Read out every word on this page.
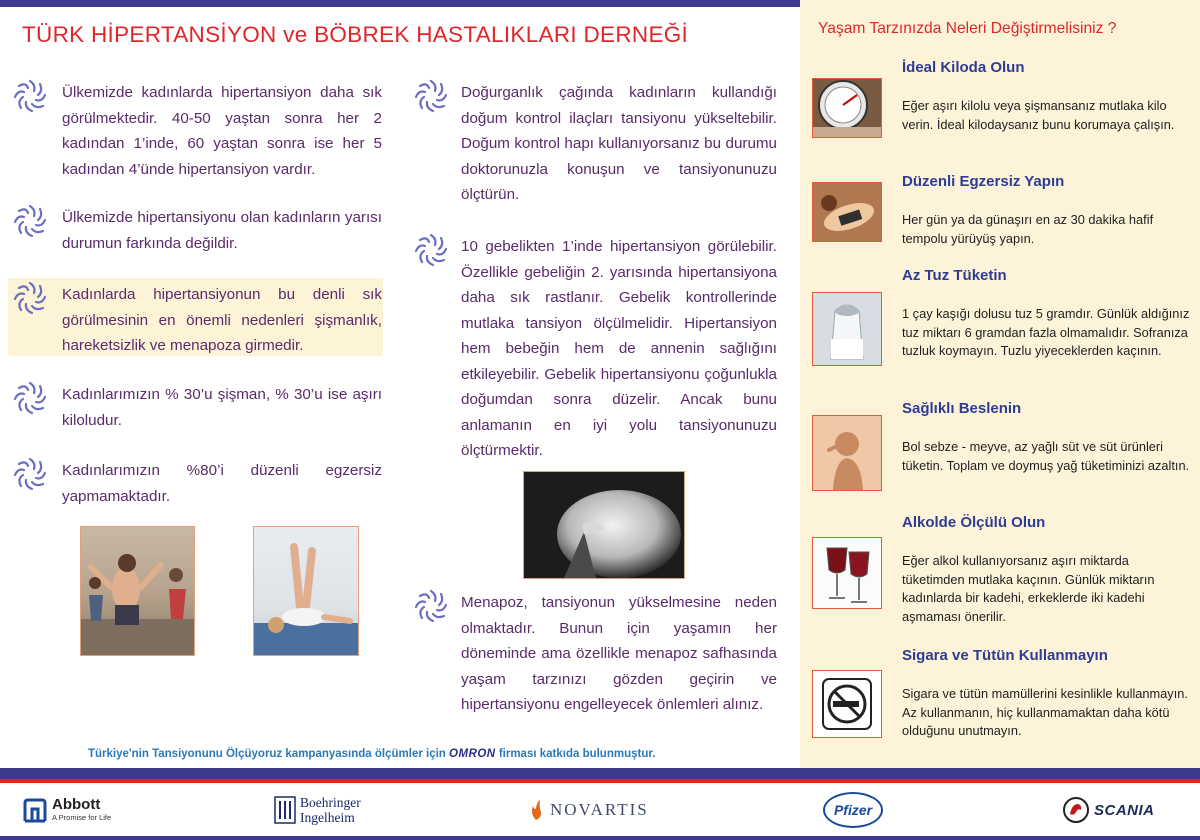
TÜRK HİPERTANSİYON ve BÖBREK HASTALIKLARI DERNEĞİ

Ülkemizde kadınlarda hipertansiyon daha sık görülmektedir. 40-50 yaştan sonra her 2 kadından 1’inde, 60 yaştan sonra ise her 5 kadından 4’ünde hipertansiyon vardır.

Ülkemizde hipertansiyonu olan kadınların yarısı durumun farkında değildir.

Kadınlarda hipertansiyonun bu denli sık görülmesinin en önemli nedenleri şişmanlık, hareketsizlik ve menapoza girmedir.

Kadınlarımızın % 30’u şişman, % 30’u ise aşırı kiloludur.

Kadınlarımızın %80’i düzenli egzersiz yapmamaktadır.

Doğurganlık çağında kadınların kullandığı doğum kontrol ilaçları tansiyonu yükseltebilir. Doğum kontrol hapı kullanıyorsanız bu durumu doktorunuzla konuşun ve tansiyonunuzu ölçtürün.

10 gebelikten 1’inde hipertansiyon görülebilir. Özellikle gebeliğin 2. yarısında hipertansiyona daha sık rastlanır. Gebelik kontrollerinde mutlaka tansiyon ölçülmelidir. Hipertansiyon hem bebeğin hem de annenin sağlığını etkileyebilir. Gebelik hipertansiyonu çoğunlukla doğumdan sonra düzelir. Ancak bunu anlamanın en iyi yolu tansiyonunuzu ölçtürmektir.

Menapoz, tansiyonun yükselmesine neden olmaktadır. Bunun için yaşamın her döneminde ama özellikle menapoz safhasında yaşam tarzınızı gözden geçirin ve hipertansiyonu engelleyecek önlemleri alınız.

Türkiye'nin Tansiyonunu Ölçüyoruz kampanyasında ölçümler için OMRON firması katkıda bulunmuştur.
Yaşam Tarzınızda Neleri Değiştirmelisiniz ?
İdeal Kiloda Olun

Eğer aşırı kilolu veya şişmansanız mutlaka kilo verin. İdeal kilodaysanız bunu korumaya çalışın.

Düzenli Egzersiz Yapın

Her gün ya da günaşırı en az 30 dakika hafif tempolu yürüyüş yapın.

Az Tuz Tüketin

1 çay kaşığı dolusu tuz 5 gramdır. Günlük aldığınız tuz miktarı 6 gramdan fazla olmamalıdır. Sofranıza tuzluk koymayın. Tuzlu yiyeceklerden kaçının.

Sağlıklı Beslenin

Bol sebze - meyve, az yağlı süt ve süt ürünleri tüketin. Toplam ve doymuş yağ tüketiminizi azaltın.

Alkolde Ölçülü Olun

Eğer alkol kullanıyorsanız aşırı miktarda tüketimden mutlaka kaçının. Günlük miktarın kadınlarda bir kadehi, erkeklerde iki kadehi aşmaması önerilir.

Sigara ve Tütün Kullanmayın

Sigara ve tütün mamüllerini kesinlikle kullanmayın. Az kullanmanın, hiç kullanmamaktan daha kötü olduğunu unutmayın.

Abbott
A Promise for Life
Boehringer
Ingelheim	NOVARTIS	Pfizer	SCANIA
